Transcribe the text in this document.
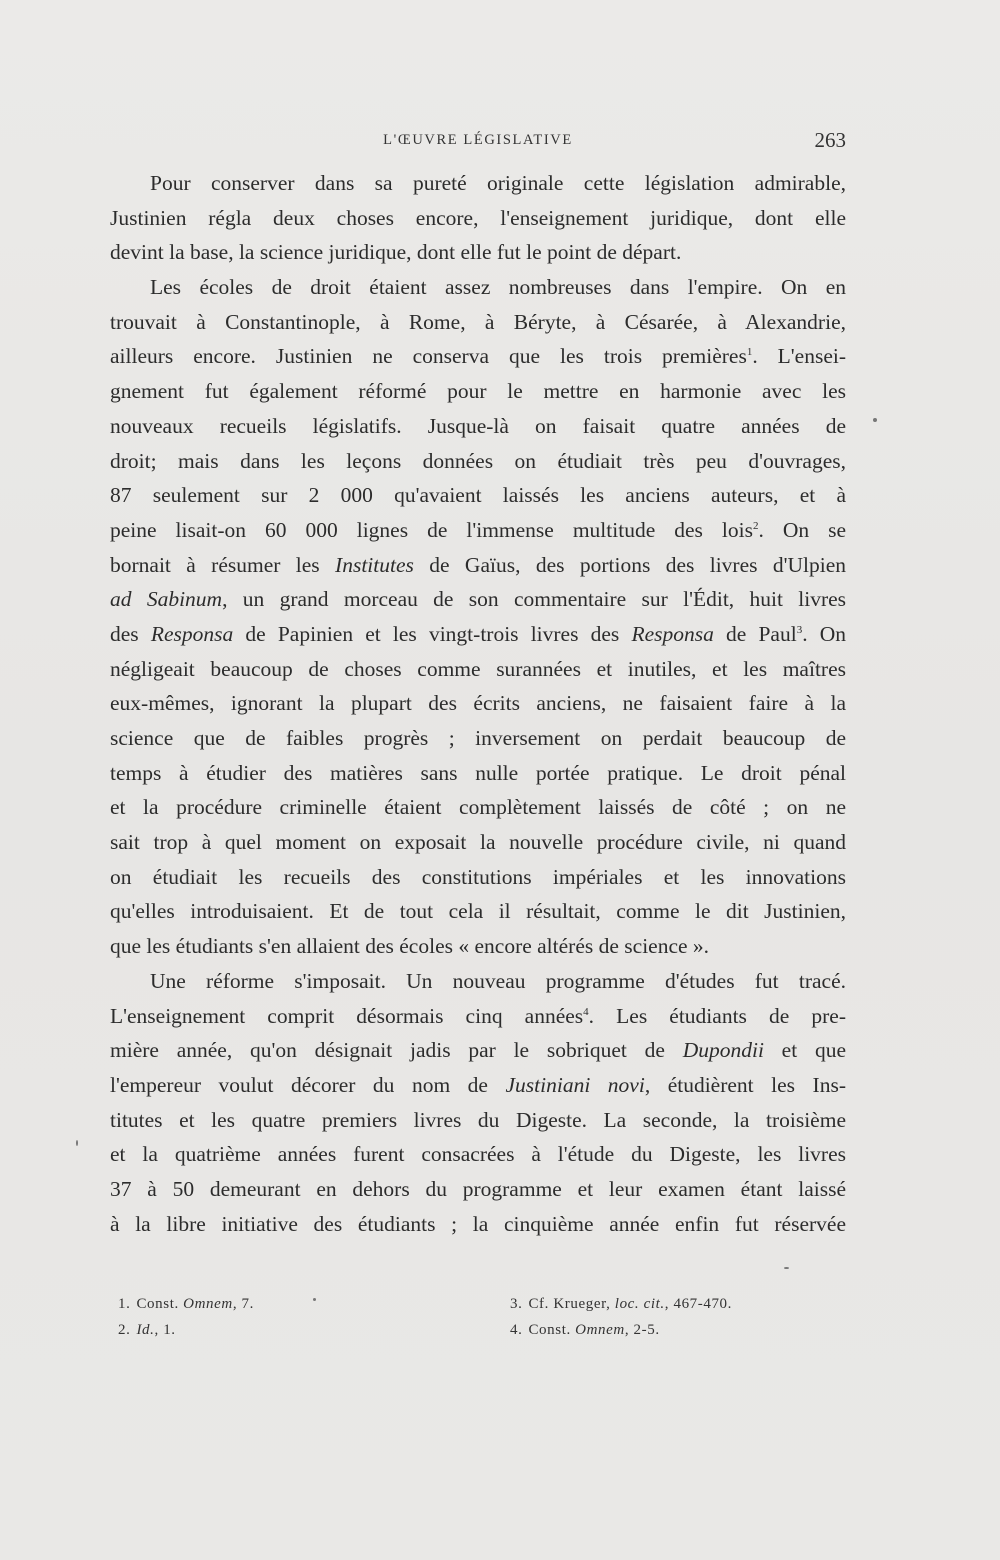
L'ŒUVRE LÉGISLATIVE	263
Pour conserver dans sa pureté originale cette législation admirable,
Justinien régla deux choses encore, l'enseignement juridique, dont elle
devint la base, la science juridique, dont elle fut le point de départ.
Les écoles de droit étaient assez nombreuses dans l'empire. On en
trouvait à Constantinople, à Rome, à Béryte, à Césarée, à Alexandrie,
ailleurs encore. Justinien ne conserva que les trois premières$^1$. L'ensei-
gnement fut également réformé pour le mettre en harmonie avec les
nouveaux recueils législatifs. Jusque-là on faisait quatre années de
droit; mais dans les leçons données on étudiait très peu d'ouvrages,
87 seulement sur 2 000 qu'avaient laissés les anciens auteurs, et à
peine lisait-on 60 000 lignes de l'immense multitude des lois$^2$. On se
bornait à résumer les Institutes de Gaïus, des portions des livres d'Ulpien
ad Sabinum, un grand morceau de son commentaire sur l'Édit, huit livres
des Responsa de Papinien et les vingt-trois livres des Responsa de Paul$^3$. On
négligeait beaucoup de choses comme surannées et inutiles, et les maîtres
eux-mêmes, ignorant la plupart des écrits anciens, ne faisaient faire à la
science que de faibles progrès ; inversement on perdait beaucoup de
temps à étudier des matières sans nulle portée pratique. Le droit pénal
et la procédure criminelle étaient complètement laissés de côté ; on ne
sait trop à quel moment on exposait la nouvelle procédure civile, ni quand
on étudiait les recueils des constitutions impériales et les innovations
qu'elles introduisaient. Et de tout cela il résultait, comme le dit Justinien,
que les étudiants s'en allaient des écoles « encore altérés de science ».
Une réforme s'imposait. Un nouveau programme d'études fut tracé.
L'enseignement comprit désormais cinq années$^4$. Les étudiants de pre-
mière année, qu'on désignait jadis par le sobriquet de Dupondii et que
l'empereur voulut décorer du nom de Justiniani novi, étudièrent les Ins-
titutes et les quatre premiers livres du Digeste. La seconde, la troisième
et la quatrième années furent consacrées à l'étude du Digeste, les livres
37 à 50 demeurant en dehors du programme et leur examen étant laissé
à la libre initiative des étudiants ; la cinquième année enfin fut réservée
1. Const. Omnem, 7.
2. Id., 1.
3. Cf. Krueger, loc. cit., 467-470.
4. Const. Omnem, 2-5.
